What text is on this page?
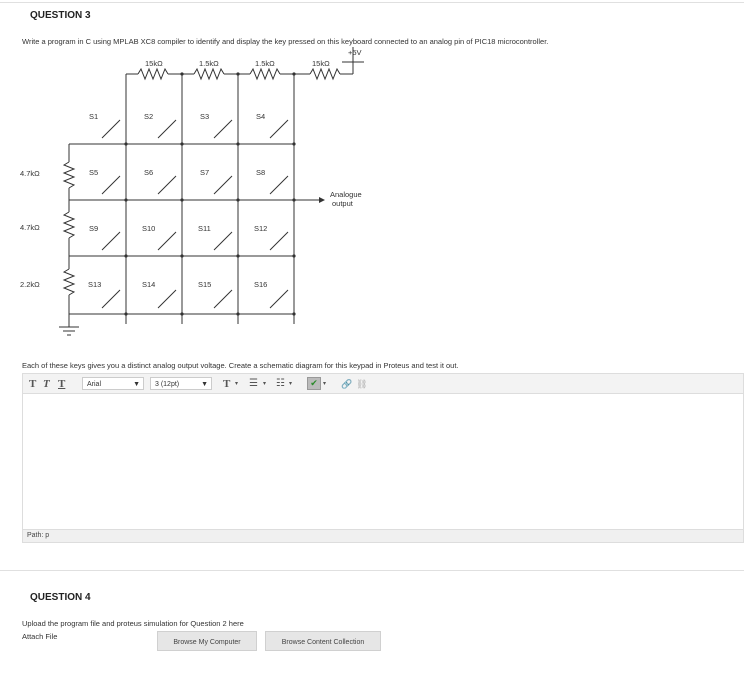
QUESTION 3
Write a program in C using MPLAB XC8 compiler to identify and display the key pressed on this keyboard connected to an analog pin of PIC18 microcontroller.
+5V
15kΩ	1.5kΩ	1.5kΩ	15kΩ
4.7kΩ
4.7kΩ
2.2kΩ
Analogue
output
S1	S2	S3	S4
S5	S6	S7	S8
S9	S10	S11	S12
S13	S14	S15	S16
Each of these keys gives you a distinct analog output voltage. Create a schematic diagram for this keypad in Proteus and test it out.
T T T	Arial	▼	3 (12pt)	▼ T ▾ ☰ ▾ ☷ ▾	✔ ▾ 🔗 ⛓
Path: p
QUESTION 4
Upload the program file and proteus simulation for Question 2 here
Attach File
Browse My Computer	Browse Content Collection
